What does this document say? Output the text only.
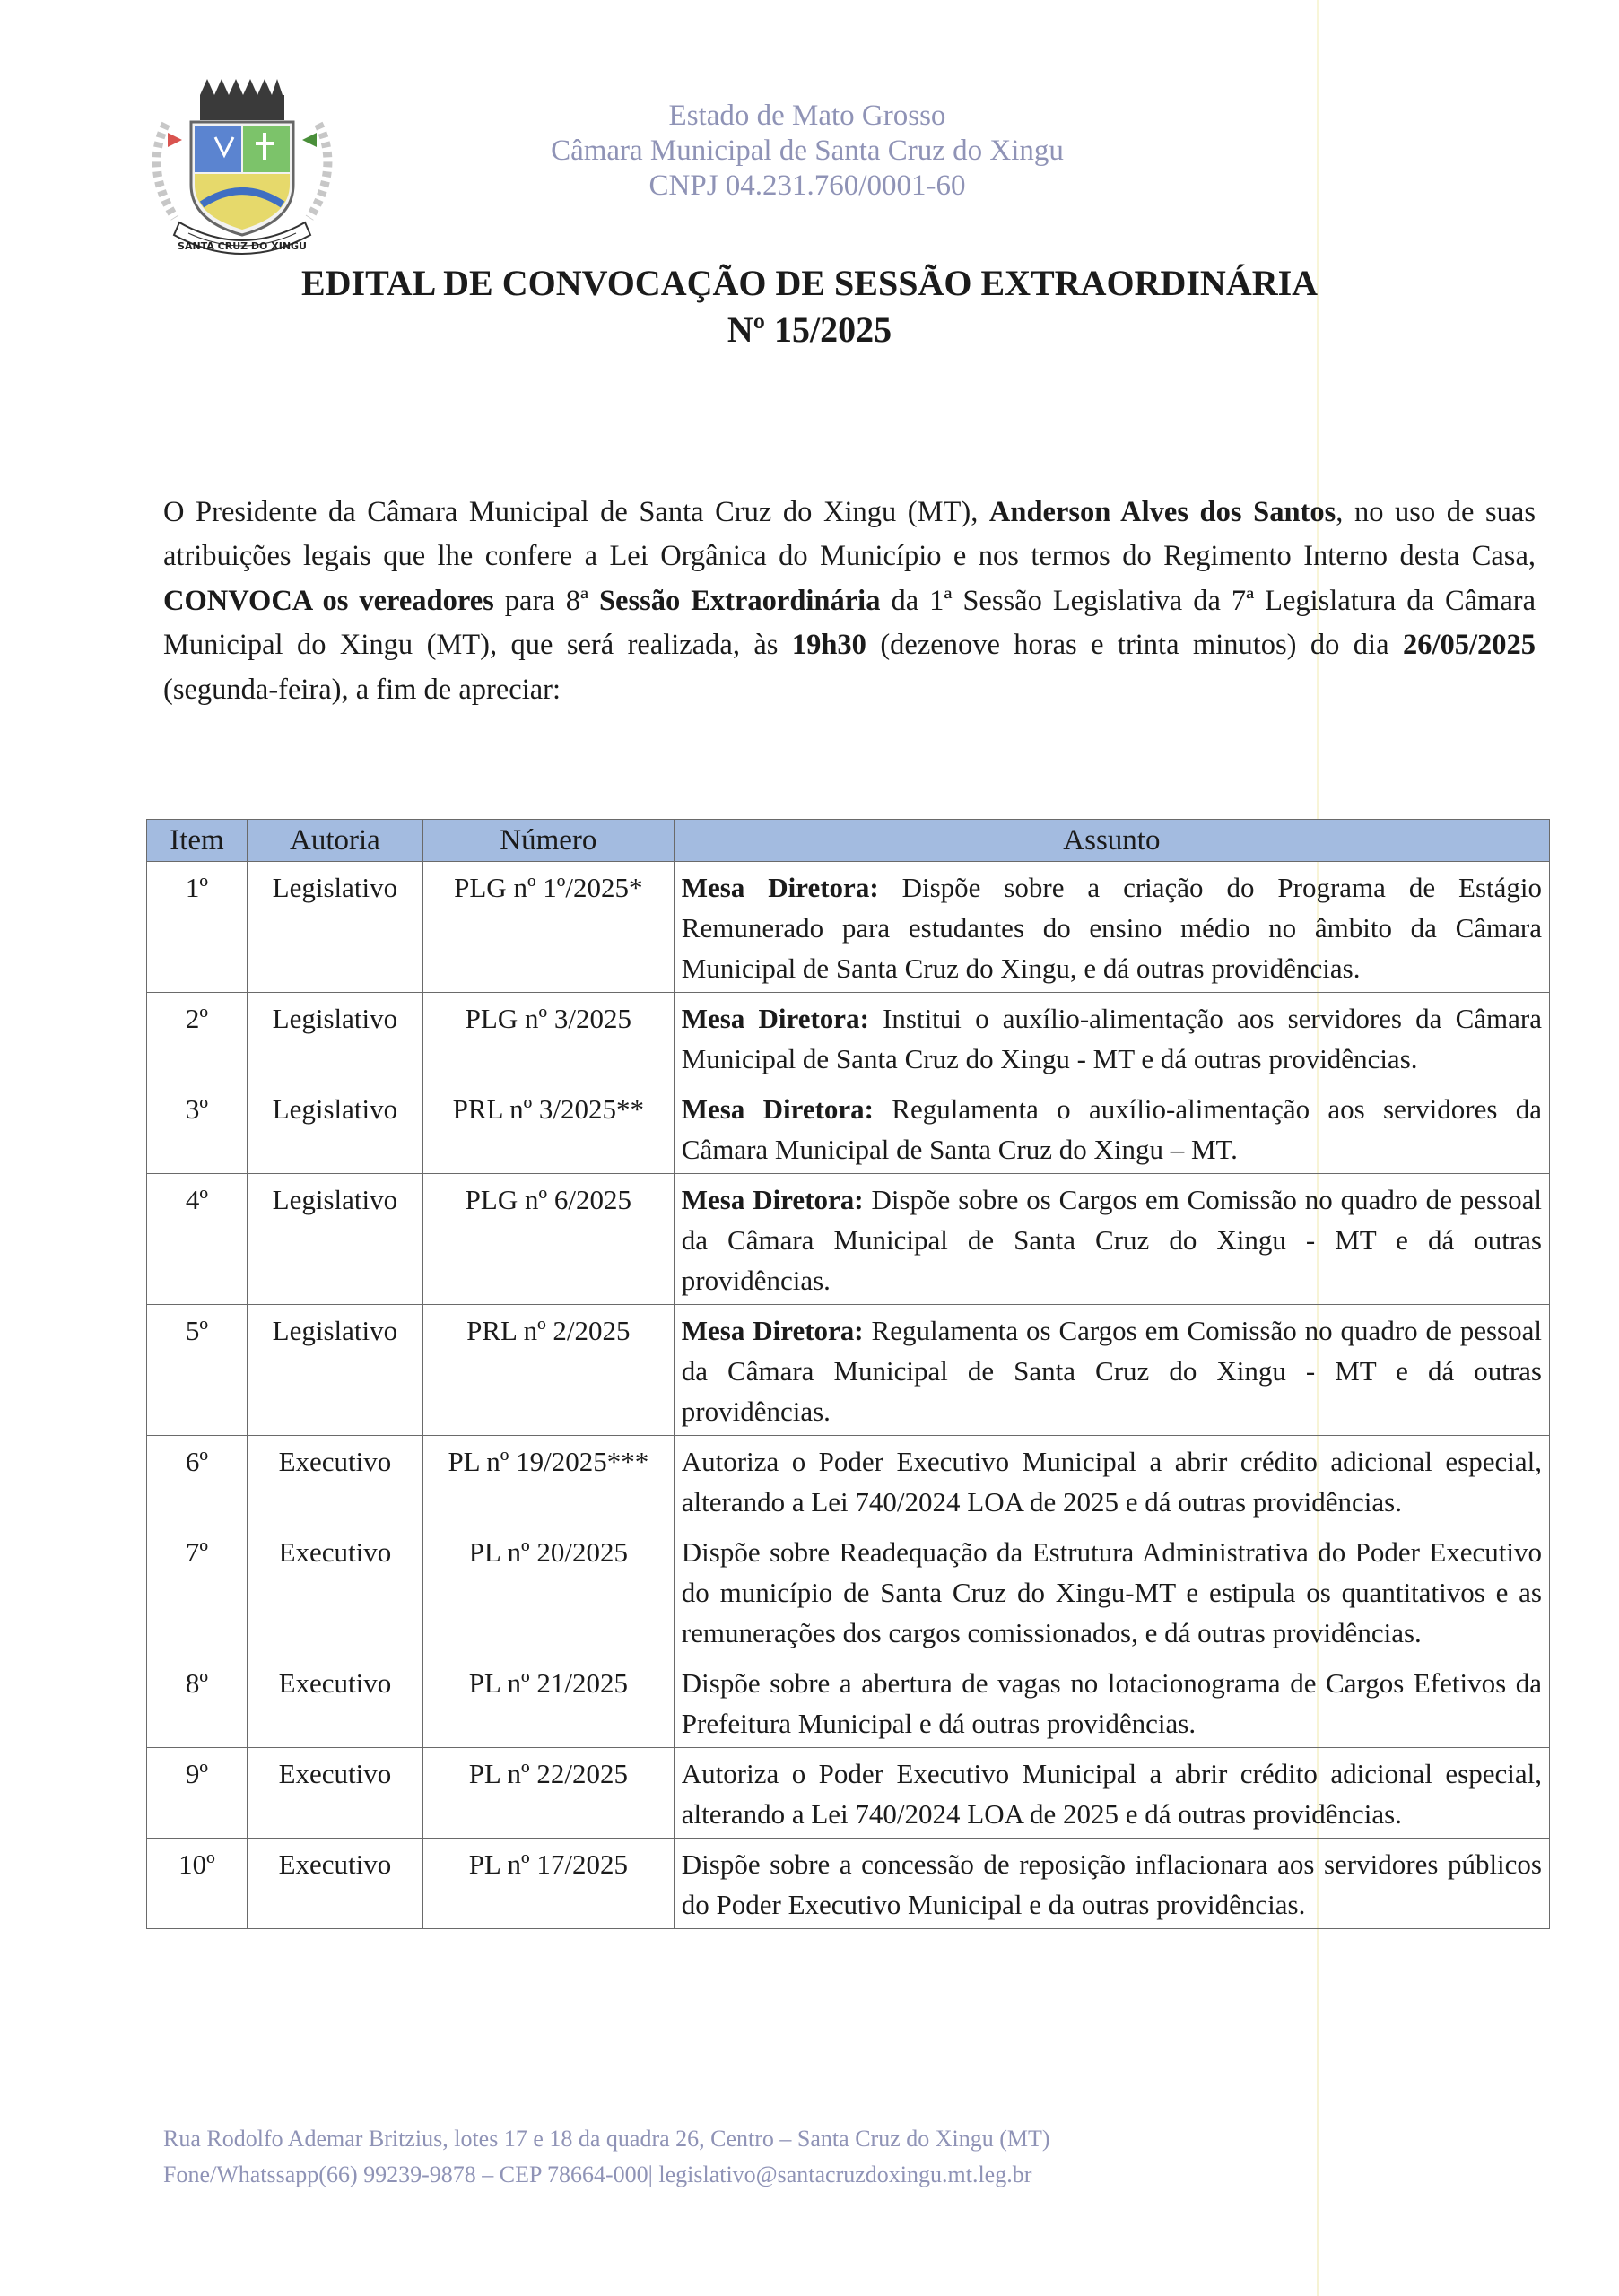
SANTA CRUZ DO XINGU
Estado de Mato Grosso
Câmara Municipal de Santa Cruz do Xingu
CNPJ 04.231.760/0001-60
EDITAL DE CONVOCAÇÃO DE SESSÃO EXTRAORDINÁRIA
Nº 15/2025

O Presidente da Câmara Municipal de Santa Cruz do Xingu (MT), Anderson Alves dos Santos, no uso de suas atribuições legais que lhe confere a Lei Orgânica do Município e nos termos do Regimento Interno desta Casa, CONVOCA os vereadores para 8ª Sessão Extraordinária da 1ª Sessão Legislativa da 7ª Legislatura da Câmara Municipal do Xingu (MT), que será realizada, às 19h30 (dezenove horas e trinta minutos) do dia 26/05/2025 (segunda-feira), a fim de apreciar:

Item	Autoria	Número	Assunto
1º	Legislativo	PLG nº 1º/2025*	Mesa Diretora: Dispõe sobre a criação do Programa de Estágio Remunerado para estudantes do ensino médio no âmbito da Câmara Municipal de Santa Cruz do Xingu, e dá outras providências.
2º	Legislativo	PLG nº 3/2025	Mesa Diretora: Institui o auxílio-alimentação aos servidores da Câmara Municipal de Santa Cruz do Xingu - MT e dá outras providências.
3º	Legislativo	PRL nº 3/2025**	Mesa Diretora: Regulamenta o auxílio-alimentação aos servidores da Câmara Municipal de Santa Cruz do Xingu – MT.
4º	Legislativo	PLG nº 6/2025	Mesa Diretora: Dispõe sobre os Cargos em Comissão no quadro de pessoal da Câmara Municipal de Santa Cruz do Xingu - MT e dá outras providências.
5º	Legislativo	PRL nº 2/2025	Mesa Diretora: Regulamenta os Cargos em Comissão no quadro de pessoal da Câmara Municipal de Santa Cruz do Xingu - MT e dá outras providências.
6º	Executivo	PL nº 19/2025***	Autoriza o Poder Executivo Municipal a abrir crédito adicional especial, alterando a Lei 740/2024 LOA de 2025 e dá outras providências.
7º	Executivo	PL nº 20/2025	Dispõe sobre Readequação da Estrutura Administrativa do Poder Executivo do município de Santa Cruz do Xingu-MT e estipula os quantitativos e as remunerações dos cargos comissionados, e dá outras providências.
8º	Executivo	PL nº 21/2025	Dispõe sobre a abertura de vagas no lotacionograma de Cargos Efetivos da Prefeitura Municipal e dá outras providências.
9º	Executivo	PL nº 22/2025	Autoriza o Poder Executivo Municipal a abrir crédito adicional especial, alterando a Lei 740/2024 LOA de 2025 e dá outras providências.
10º	Executivo	PL nº 17/2025	Dispõe sobre a concessão de reposição inflacionara aos servidores públicos do Poder Executivo Municipal e da outras providências.
Rua Rodolfo Ademar Britzius, lotes 17 e 18 da quadra 26, Centro – Santa Cruz do Xingu (MT)
Fone/Whatssapp(66) 99239-9878 – CEP 78664-000| legislativo@santacruzdoxingu.mt.leg.br
